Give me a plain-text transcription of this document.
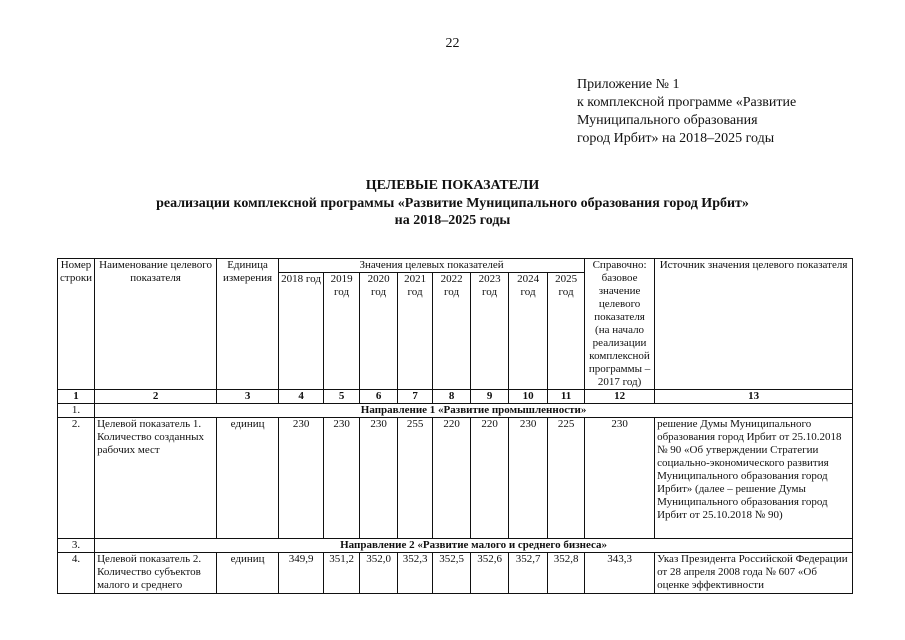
22
Приложение № 1
к комплексной программе «Развитие
Муниципального образования
город Ирбит» на 2018–2025 годы
ЦЕЛЕВЫЕ ПОКАЗАТЕЛИ
реализации комплексной программы «Развитие Муниципального образования город Ирбит»
на 2018–2025 годы
Номер строки	Наименование целевого показателя	Единица измерения	Значения целевых показателей								Справочно: базовое значение целевого показателя (на начало реализации комплексной программы – 2017 год)	Источник значения целевого показателя
			2018 год	2019 год	2020 год	2021 год	2022 год	2023 год	2024 год	2025 год		
1	2	3	4	5	6	7	8	9	10	11	12	13
1.	Направление 1 «Развитие промышленности»											
2.	Целевой показатель 1. Количество созданных рабочих мест	единиц	230	230	230	255	220	220	230	225	230	решение Думы Муниципального образования город Ирбит от 25.10.2018 № 90 «Об утверждении Стратегии социально-экономического развития Муниципального образования город Ирбит» (далее – решение Думы Муниципального образования город Ирбит от 25.10.2018 № 90)
3.	Направление 2 «Развитие малого и среднего бизнеса»											
4.	Целевой показатель 2. Количество субъектов малого и среднего	единиц	349,9	351,2	352,0	352,3	352,5	352,6	352,7	352,8	343,3	Указ Президента Российской Федерации от 28 апреля 2008 года № 607 «Об оценке эффективности
